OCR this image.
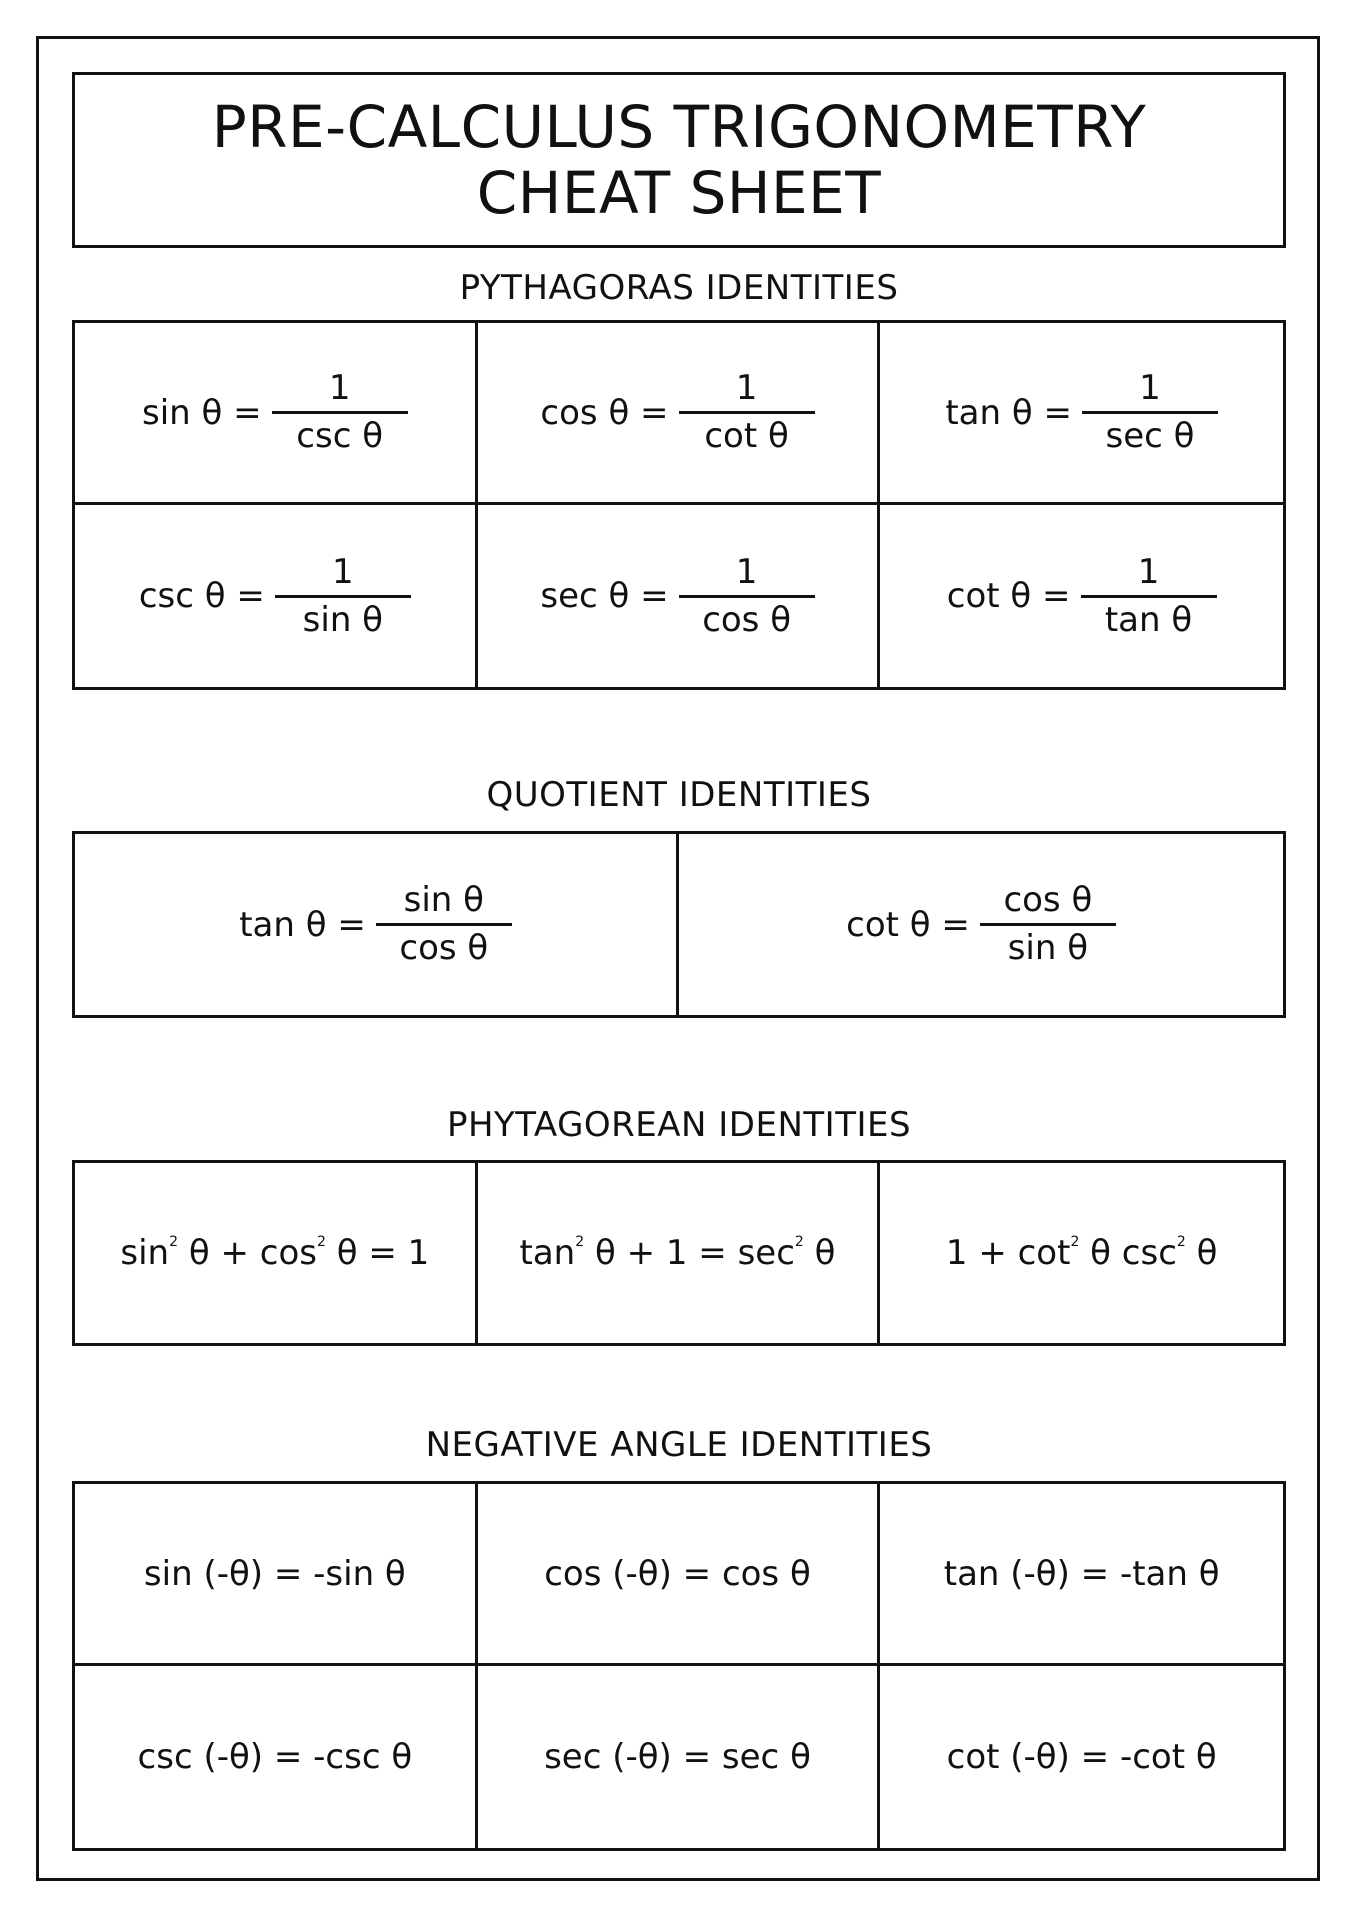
PRE-CALCULUS TRIGONOMETRY
CHEAT SHEET
PYTHAGORAS IDENTITIES
$\sin \theta = \frac{1}{\text{csc θ}}$	$\cos \theta = \frac{1}{\text{cot θ}}$	$\tan \theta = \frac{1}{\text{sec θ}}$
$\csc \theta = \frac{1}{\text{sin θ}}$	$\sec \theta = \frac{1}{\text{cos θ}}$	$\cot \theta = \frac{1}{\text{tan θ}}$
QUOTIENT IDENTITIES
$\tan \theta = \frac{\text{sin θ}}{\text{cos θ}}$	$\cot \theta = \frac{\text{cos θ}}{\text{sin θ}}$
PHYTAGOREAN IDENTITIES
$\sin^2 \theta + \cos^2 \theta = 1$	$\tan^2 \theta + 1 = \sec^2 \theta$	$1 + \cot^2 \theta$ $\csc^2 \theta$
NEGATIVE ANGLE IDENTITIES
sin (-θ) = -sin θ	cos (-θ) = cos θ	tan (-θ) = -tan θ
csc (-θ) = -csc θ	sec (-θ) = sec θ	cot (-θ) = -cot θ
